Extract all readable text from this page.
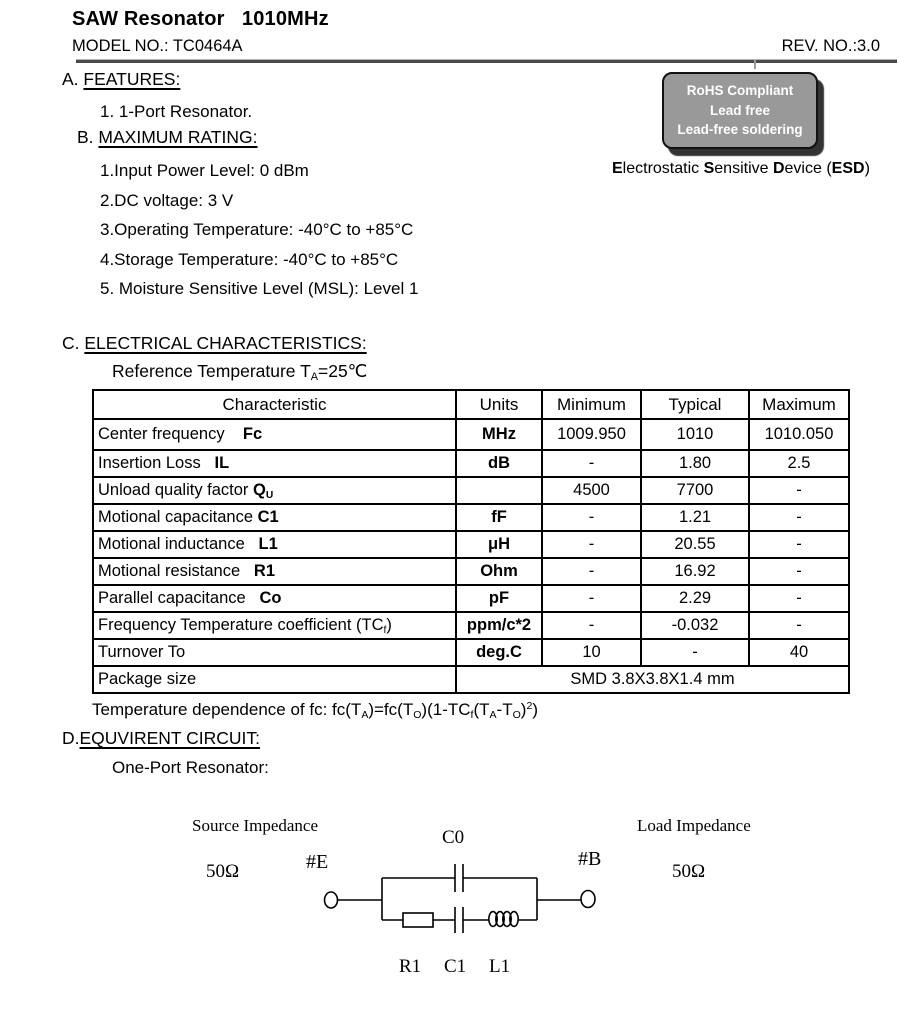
SAW Resonator   1010MHz
MODEL NO.: TC0464A	REV. NO.:3.0
A. FEATURES:
1. 1-Port Resonator.
RoHS Compliant
Lead free
Lead-free soldering
B. MAXIMUM RATING:
1.Input Power Level: 0 dBm
2.DC voltage: 3 V
3.Operating Temperature: -40°C to +85°C
4.Storage Temperature: -40°C to +85°C
5. Moisture Sensitive Level (MSL): Level 1
Electrostatic Sensitive Device (ESD)
C. ELECTRICAL CHARACTERISTICS:
Reference Temperature TA=25℃
Characteristic	Units	Minimum	Typical	Maximum
Center frequency    Fc	MHz	1009.950	1010	1010.050
Insertion Loss   IL	dB	-	1.80	2.5
Unload quality factor QU		4500	7700	-
Motional capacitance C1	fF	-	1.21	-
Motional inductance   L1	μH	-	20.55	-
Motional resistance   R1	Ohm	-	16.92	-
Parallel capacitance   Co	pF	-	2.29	-
Frequency Temperature coefficient (TCf)	ppm/c*2	-	-0.032	-
Turnover To	deg.C	10	-	40
Package size	SMD 3.8X3.8X1.4 mm			
Temperature dependence of fc: $fc(TA)=fc(TO)(1-TCf(TA-TO)^2)$
D.EQUVIRENT CIRCUIT:
One-Port Resonator:
Source Impedance
50Ω	#E
C0
#B
Load Impedance
50Ω
R1 C1 L1
